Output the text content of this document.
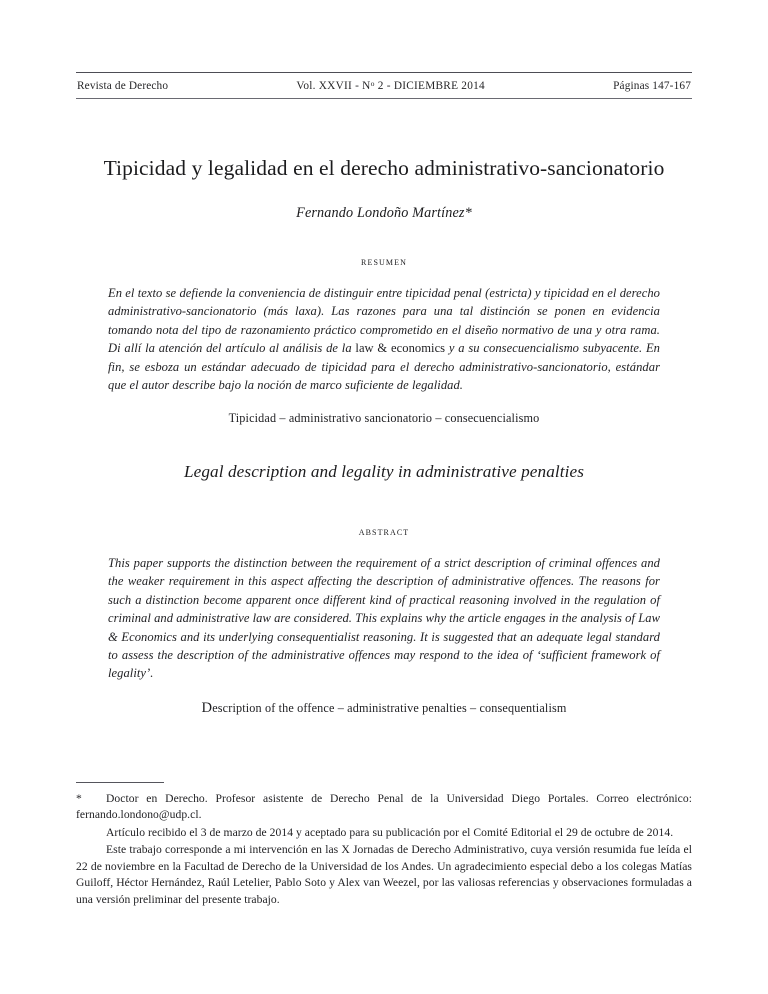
Revista de Derecho	Vol. XXVII - $N^o$ 2 - DICIEMBRE 2014	Páginas 147-167
Tipicidad y legalidad en el derecho administrativo-sancionatorio
Fernando Londoño Martínez*
resumen
En el texto se defiende la conveniencia de distinguir entre tipicidad penal (estricta) y tipicidad en el derecho administrativo-sancionatorio (más laxa). Las razones para una tal distinción se ponen en evidencia tomando nota del tipo de razonamiento práctico comprometido en el diseño normativo de una y otra rama. Di allí la atención del artículo al análisis de la law & economics y a su consecuencialismo subyacente. En fin, se esboza un estándar adecuado de tipicidad para el derecho administrativo-sancionatorio, estándar que el autor describe bajo la noción de marco suficiente de legalidad.
Tipicidad – administrativo sancionatorio – consecuencialismo
Legal description and legality in administrative penalties
abstract
This paper supports the distinction between the requirement of a strict description of criminal offences and the weaker requirement in this aspect affecting the description of administrative offences. The reasons for such a distinction become apparent once different kind of practical reasoning involved in the regulation of criminal and administrative law are considered. This explains why the article engages in the analysis of Law & Economics and its underlying consequentialist reasoning. It is suggested that an adequate legal standard to assess the description of the administrative offences may respond to the idea of ‘sufficient framework of legality’.
Description of the offence – administrative penalties – consequentialism

* Doctor en Derecho. Profesor asistente de Derecho Penal de la Universidad Diego Portales. Correo electrónico: fernando.londono@udp.cl.

Artículo recibido el 3 de marzo de 2014 y aceptado para su publicación por el Comité Editorial el 29 de octubre de 2014.

Este trabajo corresponde a mi intervención en las X Jornadas de Derecho Administrativo, cuya versión resumida fue leída el 22 de noviembre en la Facultad de Derecho de la Universidad de los Andes. Un agradecimiento especial debo a los colegas Matías Guiloff, Héctor Hernández, Raúl Letelier, Pablo Soto y Alex van Weezel, por las valiosas referencias y observaciones formuladas a una versión preliminar del presente trabajo.
